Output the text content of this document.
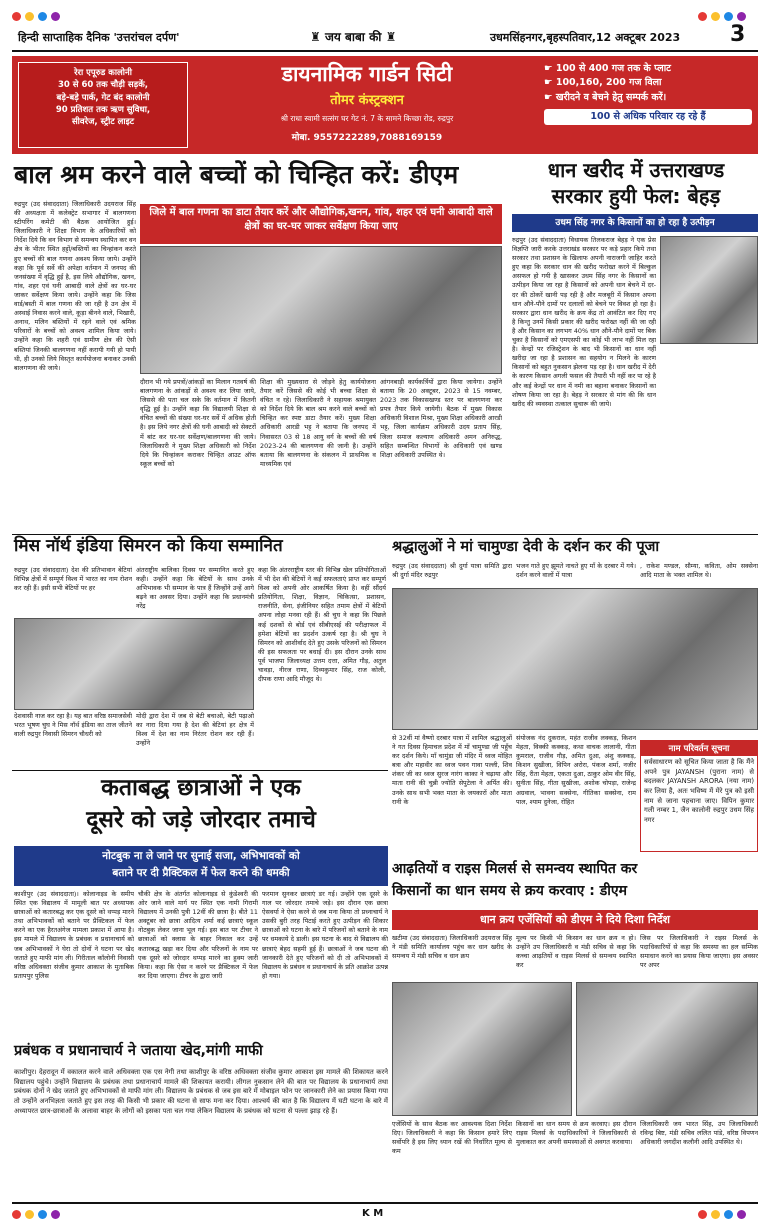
हिन्दी साप्ताहिक दैनिक 'उत्तरांचल दर्पण'	♜ जय बाबा की ♜	उधमसिंहनगर,बृहस्पतिवार,12 अक्टूबर 2023 3
रेरा एपूरुड कालोनी
30 से 60 तक चौड़ी सड़कें,
बड़े-बड़े पार्क, गेट बंद कालोनी
90 प्रतिशत तक ऋण सुविधा,
सीवरेज, स्ट्रीट लाइट
डायनामिक गार्डन सिटी
तोमर कंस्ट्रक्शन
श्री राधा स्वामी सत्संग घर गेट नं. 7 के सामने किच्छा रोड, रुद्रपुर
मोबा. 9557222289,7088169159
☛ 100 से 400 गज तक के प्लाट
☛ 100,160, 200 गज विला
☛ खरीदने व बेचने हेतु सम्पर्क करें।
100 से अधिक परिवार रह रहे हैं
बाल श्रम करने वाले बच्चों को चिन्हित करें: डीएम
रुद्रपुर (उद संवाददाता) जिलाधिकारी उदयराज सिंह की अध्यक्षता में कलेक्ट्रेट सभागार में बालगणना स्टीयरिंग कमेटी की बैठक आयोजित हुई। जिलाधिकारी ने शिक्षा विभाग के अधिकारियों को निर्देश दिये कि वन विभाग से समन्वय स्थापित कर वन क्षेत्र के भीतर स्थित हट्टों/बस्तियों का चिन्हांकन करते हुए बच्चों की बाल गणना अवश्य किया जाये। उन्होंने कहा कि पूर्व सर्वे की अपेक्षा वर्तमान में जनपद की जनसंख्या में वृद्धि हुई है, इस लिये औद्योगिक, खनन, गांव, शहर एवं घनी आबादी वाले क्षेत्रों का घर-घर जाकर सर्वेक्षण किया जाये। उन्होंने कहा कि जिस वार्ड/बस्ती में बाल गणना की जा रही है उन क्षेत्र में अस्थाई निवास करने वाले, कूड़ा बीनने वाले, भिखारी, अनाथ, मलिन बस्तियों में रहने वाले एवं श्रमिक परिवारों के बच्चों को अवश्य शामिल किया जाये। उन्होंने कहा कि शहरी एवं ग्रामीण क्षेत्र की ऐसी बस्तियां जिनकी बालगणना नहीं करायी गयी हो पायी थी, ही उनको लिये विस्तृत कार्ययोजना बनाकर उनकी बालगणना की जाये।
जिले में बाल गणना का डाटा तैयार करें और औद्योगिक,खनन, गांव, शहर एवं घनी आबादी वाले क्षेत्रों का घर-घर जाकर सर्वेक्षण किया जाए
दौरान भी गये प्रपत्रों/आंकड़ों का मिलान गतवर्ष की बालगणना के आंकड़ों से अवश्य कर लिया जाये, जिससे की पता चल सके कि वर्तमान में कितनी वृद्धि हुई है। उन्होंने कहा कि विद्यालयी शिक्षा से वंचित बच्चों की संख्या घर-घर सर्वे में अधिक होती है। इस लिये नगर क्षेत्रों की घनी आबादी को सेक्टरों में बांट कर घर-घर सर्वेक्षण/बालगणना की जाये। जिलाधिकारी ने मुख्य शिक्षा अधिकारी को निर्देश दिये कि चिन्हांकन कराकर चिन्हित आउट ऑफ स्कूल बच्चों को
शिक्षा की मुख्यधारा से जोड़ने हेतु कार्ययोजना तैयार करें जिससे की कोई भी बच्चा शिक्षा से वंचित न रहे। जिलाधिकारी ने सहायक श्रमायुक्त को निर्देश दिये कि बाल श्रम करने वाले बच्चों को चिन्हित कर स्पष्ट डाटा तैयार करें। मुख्य शिक्षा अधिकारी आरडी भट्ट ने बताया कि जनपद में निवासरत 03 से 18 आयु वर्ग के बच्चों की वर्ष 2023-24 की बालगणना की जानी है। उन्होंने बताया कि बालगणना के संकलन में प्राथमिक व माध्यमिक एवं
आंगनबाड़ी कार्यकर्त्रियों द्वारा किया जायेगा। उन्होंने बताया कि 20 अक्टूबर, 2023 से 15 नवम्बर, 2023 तक विकासखण्ड स्तर पर बालगणना कर प्रपत्र तैयार किये जायेगी। बैठक में मुख्य विकास अधिकारी विशाल मिश्रा, मुख्य शिक्षा अधिकारी आरडी भट्ट, जिला कार्यक्रम अधिकारी उदय प्रताप सिंह, जिला समाज कल्याण अधिकारी अमन अनिरुद्ध, सहित सम्बन्धित विभागों के अधिकारी एवं खण्ड शिक्षा अधिकारी उपस्थित थे।
धान खरीद में उत्तराखण्ड
सरकार हुयी फेल: बेहड़
उधम सिंह नगर के किसानों का हो रहा है उत्पीड़न
रुद्रपुर (उद संवाददाता) विधायक तिलकराज बेहड़ ने एक प्रेस विज्ञप्ति जारी करके उत्तराखंड सरकार पर कड़े प्रहार किये तथा सरकार तथा प्रशासन के खिलाफ अपनी नाराजगी जाहिर करते हुए कहा कि सरकार धान की खरीद फरोख्त करने में बिल्कुल असफल हो गयी है खासकर उधम सिंह नगर के किसानों का उत्पीड़न किया जा रहा है किसानों को अपनी धान बेचने में दर-दर की ठोकरें खानी पड़ रही है और मजबूरी में किसान अपना धान औने-पौने दामों पर दलालों को बेचने पर विवश हो रहा है। सरकार द्वारा धान खरीद के क्रय केंद्र तो आवंटित कर दिए गए है किन्तु उनमें किसी प्रकार की खरीद फरोख्त नहीं की जा रही है और किसान का लगभग 40% धान औने-पौने दामों पर बिक चुका है किसानों को एमएसपी का कोई भी लाभ नहीं मिल रहा है। केन्द्रों पर रजिस्ट्रेशन के बाद भी किसानों का धान नहीं खरीदा जा रहा है प्रशासन का सहयोग न मिलने के कारण किसानों को बहुत नुकसान झेलना पड़ रहा है। धान खरीद में देरी के कारण किसान अगली फसल की तैयारी भी नहीं कर पा रहे है और कई केन्द्रों पर धान में नमी का बहाना बनाकर किसानों का शोषण किया जा रहा है। बेहड़ ने सरकार से मांग की कि धान खरीद की व्यवस्था तत्काल सुचारू की जाये।
मिस नॉर्थ इंडिया सिमरन को किया सम्मानित
रुद्रपुर (उद संवाददाता) देश की प्रतिभावान बेटियां विभिन्न क्षेत्रों में सम्पूर्ण विश्व में भारत का नाम रोशन कर रही हैं। इसी सभी बेटियों पर हर
अंतराष्ट्रीय बालिका दिवस पर सम्मानित करते हुए कही। उन्होंने कहा कि बेटियों के साथ उनके अभिभावक भी सम्मान के पात्र हैं जिन्होंने उन्हें आगे बढ़ने का अवसर दिया। उन्होंने कहा कि प्रधानमंत्री नरेंद्र
देशवासी नाज कर रहा है। यह बात वरिष्ठ समाजसेवी भरत भूषण चुघ ने मिस नॉर्थ इंडिया का ताज जीतने वाली रुद्रपुर निवासी सिमरन चौधरी को
मोदी द्वारा देश में जब से बेटी बचाओ, बेटी पढ़ाओ का नारा दिया गया है देश की बेटियां हर क्षेत्र में विश्व में देश का नाम निरंतर रोशन कर रही हैं। उन्होंने
कहा कि अंतरराष्ट्रीय स्तर की विभिन्न खेल प्रतियोगिताओं में भी देश की बेटियों ने कई सफलताएं प्राप्त कर सम्पूर्ण विश्व को अपनी ओर आकर्षित किया है। वहीं सौंदर्य प्रतियोगिता, शिक्षा, विज्ञान, चिकित्सा, प्रशासन, राजनीति, सेना, इंजीनियर सहित तमाम क्षेत्रों में बेटियों अपना लोहा मनवा रही हैं। श्री चुघ ने कहा कि पिछले कई दशकों से बोर्ड एवं सीबीएसई की परीक्षाफल में हमेशा बेटियों का प्रदर्शन उत्कर्ष रहा है। श्री चुघ ने सिमरन को आशीर्वाद देते हुए उसके परिजनों को सिमरन की इस सफलता पर बधाई दी। इस दौरान उनके साथ पूर्व भाजपा जिलाध्यक्ष उत्तम दत्ता, अमित गौड़, अतुल चावड़ा, नीरज राणा, दिव्यकुमार सिंह, राज कोली, दीपक राणा आदि मौजूद थे।
श्रद्धालुओं ने मां चामुण्डा देवी के दर्शन कर की पूजा
रुद्रपुर (उद संवाददाता) श्री दुर्गा यात्रा समिति द्वारा श्री दुर्गा मंदिर रुद्रपुर
भजन गाते हुए झूमते नाचते हुए माँ के दरबार में गये। दर्शन करने वालों में यात्रा
, राकेश मण्डल, सौम्या, कविता, ओम सक्सेना आदि माता के भक्त शामिल थे।
से 32वीं मां वैष्णो दरबार यात्रा में शामिल श्रद्धालुओं ने गत दिवस हिमाचल प्रदेश में माँ चामुण्डा जी पहुँच कर दर्शन किये। माँ चामुंडा जी मंदिर में ध्वज मोहित बत्रा और महावीर का ध्वज पवन गावा पल्ली, शिव शंकर जी का ध्वज सुरज नारंग काका ने चढ़ाया और माता रानी की चुन्नी ज्योति सेपुटेला ने अर्पित की। उनके साथ सभी भक्त माता के जयकारों और माता रानी के
संयोजक नंद दुकराल, महंत राजीव लक्कड़, किशन मेहता, विक्की कक्कड़, कथा वाचक लालानी, गीता कुमराल, राजीव गौड़, अमित दुआ, अंशु कक्कड़, किशन सुखीजा, विपिन अरोरा, पंकज शर्मा, नजीर सिंह, रीता मेहता, एकता दुआ, ठाकुर ओम वीर सिंह, सुनीता सिंह, गीता सुखीजा, अशोक चोपड़ा, राजेन्द्र अग्रवाल, भावना सक्सेना, गीतिका सक्सेना, राम पाल, श्याम दुनेजा, रोहित
नाम परिवर्तन सूचना
सर्वसाधारण को सूचित किया जाता है कि मैंने अपने पुत्र JAYANSH (पुराना नाम) से बदलकर JAYANSH ARORA (नया नाम) कर लिया है, अतः भविष्य में मेरे पुत्र को इसी नाम से जाना पहचाना जाए। विपिन कुमार गली नम्बर 1, जैन कालोनी रुद्रपुर उधम सिंह नगर
कताबद्ध छात्राओं ने एक
दूसरे को जड़े जोरदार तमाचे
नोटबुक ना ले जाने पर सुनाई सजा, अभिभावकों को
बताने पर दी प्रैक्टिकल में फेल करने की धमकी
काशीपुर (उद संवाददाता)। कोलानाइड के समीप स्थित एक विद्यालय में मामूली बात पर अध्यापक छात्राओं को कतारबद्ध कर एक दूसरे को थप्पड़ मारने तथा अभिभावकों को बताने पर प्रैक्टिकल में फेल करने का एक हैरतअंगेज मामला प्रकाश में आया है। इस मामले में विद्यालय के प्रबंधक व प्रधानाचार्य को जब अभिभावकों ने घेरा तो दोनों ने घटना पर खेद जताते हुए माफी मांग ली। गिरीताल कॉलोनी निवासी वरिष्ठ अधिवक्ता संजीव कुमार आकाश के मुताबिक प्रतापपुर पुलिस
चौकी क्षेत्र के अंतर्गत कोलानाइड से कुंडेश्वरी की ओर जाने वाले मार्ग पर स्थित एक नामी गिरामी विद्यालय में उनकी पुत्री 12वीं की छात्रा है। बीते 11 अक्टूबर को छात्रा आदित्य शर्मा कई छात्राएं स्कूल नोटबुक लेकर जाना भूल गई। इस बात पर टीचर ने छात्राओं को क्लास के बाहर निकाल कर उन्हें कतारबद्ध खड़ा कर दिया और परिजनों के नाम पर एक दूसरे को जोरदार थप्पड़ मारने का हुक्म जारी किया। कहा कि ऐसा न करने पर प्रैक्टिकल में फेल कर दिया जाएगा। टीचर के द्वारा जारी
फरमान सुनकर छात्राएं डर गई। उन्होंने एक दूसरे के गाल पर जोरदार तमाचे जड़े। इस दौरान एक छात्रा ऐसवर्या ने ऐसा करने से जब मना किया तो प्रध्नाचार्य ने उसकी बुरी तरह पिटाई करते हुए उत्पीड़न की शिकार छात्राओं को घटना के बारे में परिजनों को बताने के नाम पर धमकाये दे डाली। इस घटना के बाद से विद्यालय की छात्राएं बेहद सहमी हुई हैं। छात्राओं ने जब घटना की जानकारी देते हुए परिजनों को दी तो अभिभावकों में विद्यालय के प्रबंधन व प्रधानाचार्य के प्रति आक्रोश उत्पन्न हो गया।
प्रबंधक व प्रधानाचार्य ने जताया खेद,मांगी माफी
काशीपुर। देहरादून में वकालत करने वाले अधिवक्ता एक एस नेगी तथा काशीपुर के वरिष्ठ अधिवक्ता संजीव कुमार आकाश इस मामले की शिकायत करने विद्यालय पहुंचे। उन्होंने विद्यालय के प्रबंधक तथा प्रधानाचार्य मामले की शिकायत करायी। लीगल नुकसान लेने की बात पर विद्यालय के प्रधानाचार्य तथा प्रबंधक दोनों ने खेद जताते हुए अभिभावकों से माफी मांग ली। विद्यालय के प्रबंधक से जब इस बारे में मोबाइल फोन पर जानकारी लेने का प्रयास किया गया तो उन्होंने अनभिज्ञता जताते हुए इस तरह की किसी भी प्रकार की घटना से साफ मना कर दिया। आश्चर्य की बात है कि विद्यालय में घटी घटना के बारे में अध्यापरत छात्र-छात्राओं के अलावा बाहर के लोगों को इसका पता चल गया लेकिन विद्यालय के प्रबंधक को घटना से पल्ला झाड़ रहे हैं।
आढ़तियों व राइस मिलर्स से समन्वय स्थापित कर
किसानों का धान समय से क्रय करवाए : डीएम
धान क्रय एजेंसियों को डीएम ने दिये दिशा निर्देश
खटीमा (उद संवाददाता) जिलाधिकारी उदयराज सिंह ने मंडी समिति कार्यालय पहुंच कर धान खरीद के समन्वय में मंडी सचिव व धान क्रय
मूल्य पर किसी भी किसान का धान क्रय न हो। उन्होंने उप जिलाधिकारी व मंडी सचिव से कहा कि कच्चा आढ़तियों व राइस मिलर्स से समन्वय स्थापित कर
जिस पर जिलाधिकारी ने राइस मिलर्स के पदाधिकारियों से कहा कि समस्या का हल सम्मिक समाधान करने का प्रयास किया जाएगा। इस अवसर पर अपर
एजेंसियों के साथ बैठक कर आवश्यक दिशा निर्देश दिए। जिलाधिकारी ने कहा कि किसान हमारे लिए सर्वोपरि है इस लिए ध्यान रखें की निर्धारित मूल्य से कम
किसानों का धान समय से क्रय करवाए। इस दौरान राइस मिलर्स के पदाधिकारियों ने जिलाधिकारी से मुलाकात कर अपनी समस्याओं से अवगत करवाया।
जिलाधिकारी जय भारत सिंह, उप जिलाधिकारी रविन्द्र बिष्ट, मंडी सचिव ललित पांडे, वरिष्ठ विपणन अधिकारी जगदीश कलौनी आदि उपस्थित थे।
K M
